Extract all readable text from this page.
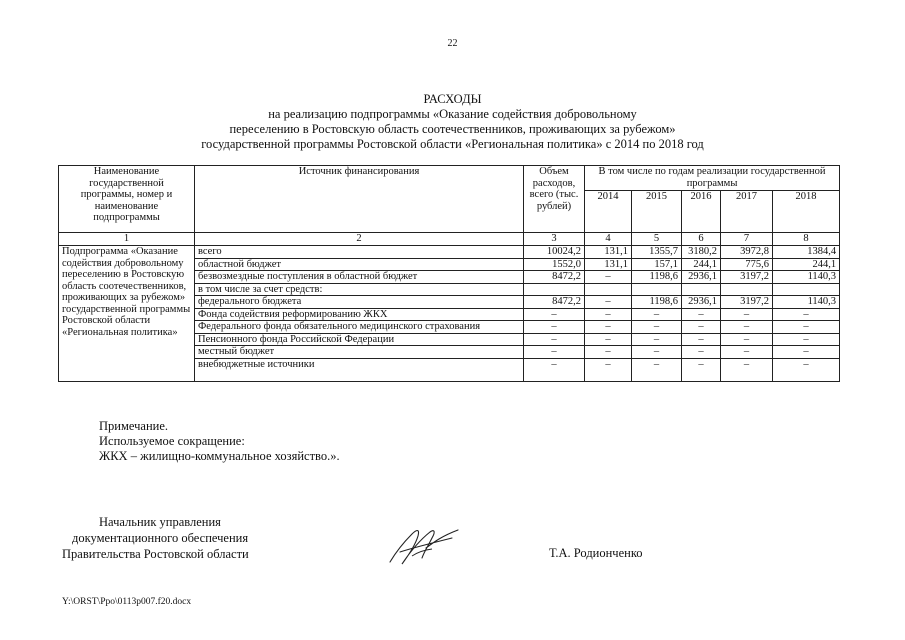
22
РАСХОДЫ
на реализацию подпрограммы «Оказание содействия добровольному
переселению в Ростовскую область соотечественников, проживающих за рубежом»
государственной программы Ростовской области «Региональная политика» с 2014 по 2018 год
Наименование государственной программы, номер и наименование подпрограммы	Источник финансирования	Объем расходов, всего (тыс. рублей)	В том числе по годам реализации государственной программы				
			2014	2015	2016	2017	2018
1	2	3	4	5	6	7	8
Подпрограмма «Оказание содействия добровольному переселению в Ростовскую область соотечественников, проживающих за рубежом» государственной программы Ростовской области «Региональная политика»	всего	10024,2	131,1	1355,7	3180,2	3972,8	1384,4
	областной бюджет	1552,0	131,1	157,1	244,1	775,6	244,1
	безвозмездные поступления в областной бюджет	8472,2	–	1198,6	2936,1	3197,2	1140,3
	в том числе за счет средств:						
	федерального бюджета	8472,2	–	1198,6	2936,1	3197,2	1140,3
	Фонда содействия реформированию ЖКХ	–	–	–	–	–	–
	Федерального фонда обязательного медицинского страхования	–	–	–	–	–	–
	Пенсионного фонда Российской Федерации	–	–	–	–	–	–
	местный бюджет	–	–	–	–	–	–
	внебюджетные источники	–	–	–	–	–	–
Примечание.
Используемое сокращение:
ЖКХ – жилищно-коммунальное хозяйство.».
Начальник управления
документационного обеспечения
Правительства Ростовской области	Т.А. Родионченко
Y:\ORST\Ppo\0113p007.f20.docx
